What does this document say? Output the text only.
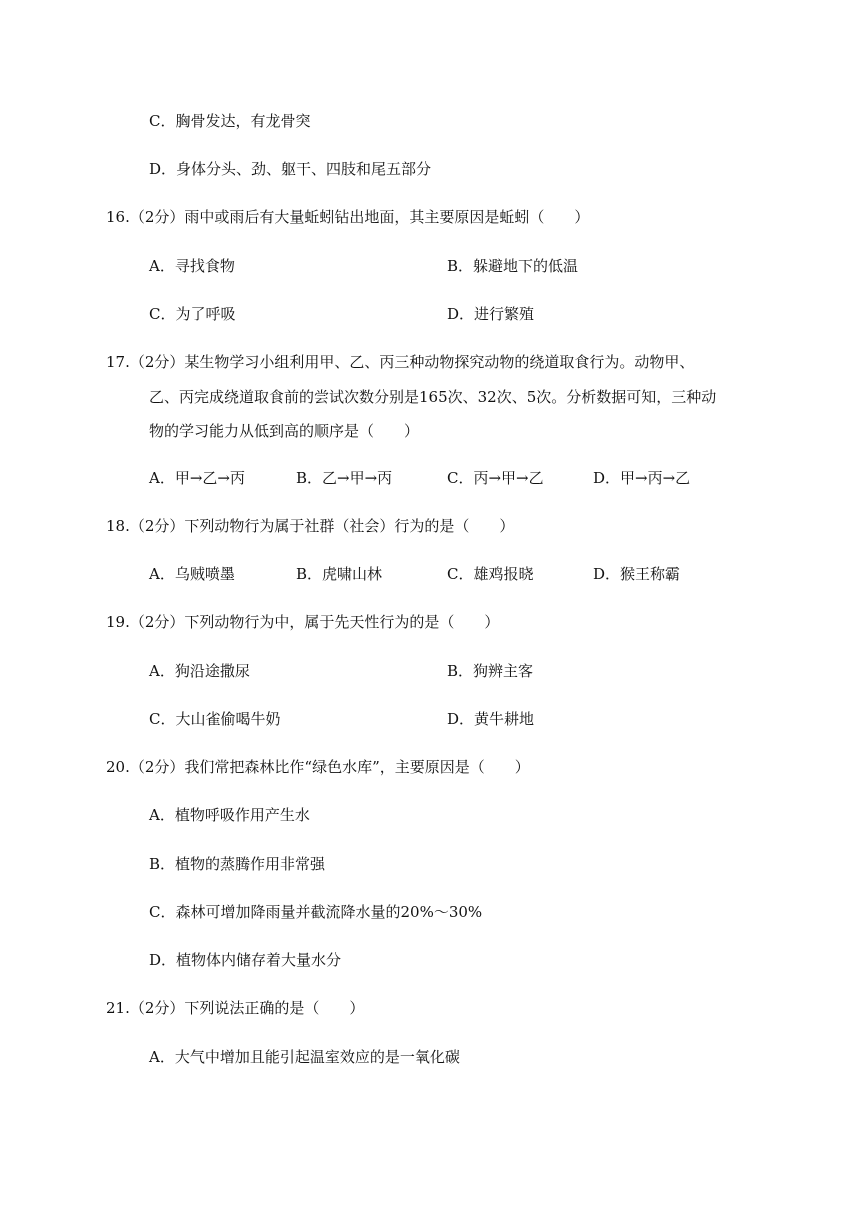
C．胸骨发达，有龙骨突
D．身体分头、劲、躯干、四肢和尾五部分
16.（2分）雨中或雨后有大量蚯蚓钻出地面，其主要原因是蚯蚓（　　）
A．寻找食物	B．躲避地下的低温
C．为了呼吸	D．进行繁殖
17.（2分）某生物学习小组利用甲、乙、丙三种动物探究动物的绕道取食行为。动物甲、
乙、丙完成绕道取食前的尝试次数分别是165次、32次、5次。分析数据可知，三种动
物的学习能力从低到高的顺序是（　　）
A．甲→乙→丙	B．乙→甲→丙	C．丙→甲→乙	D．甲→丙→乙
18.（2分）下列动物行为属于社群（社会）行为的是（　　）
A．乌贼喷墨	B．虎啸山林	C．雄鸡报晓	D．猴王称霸
19.（2分）下列动物行为中，属于先天性行为的是（　　）
A．狗沿途撒尿	B．狗辨主客
C．大山雀偷喝牛奶	D．黄牛耕地
20.（2分）我们常把森林比作“绿色水库”，主要原因是（　　）
A．植物呼吸作用产生水
B．植物的蒸腾作用非常强
C．森林可增加降雨量并截流降水量的20%～30%
D．植物体内储存着大量水分
21.（2分）下列说法正确的是（　　）
A．大气中增加且能引起温室效应的是一氧化碳
